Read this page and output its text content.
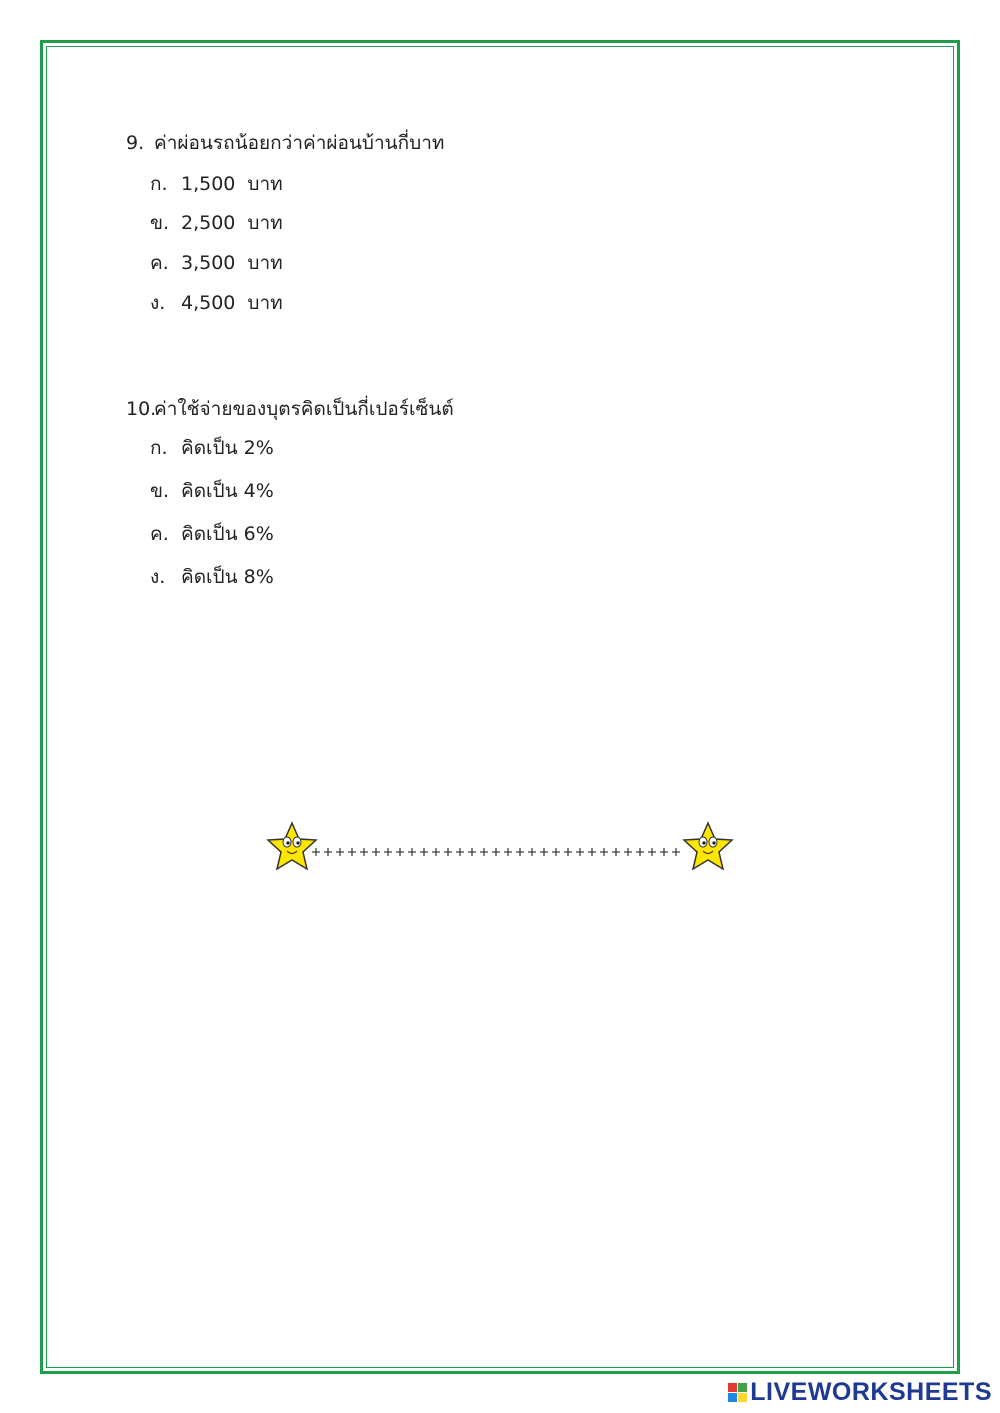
9. ค่าผ่อนรถน้อยกว่าค่าผ่อนบ้านกี่บาท
ก. 1,500 บาท
ข. 2,500 บาท
ค. 3,500 บาท
ง. 4,500 บาท
10.ค่าใช้จ่ายของบุตรคิดเป็นกี่เปอร์เซ็นต์
ก. คิดเป็น 2%
ข. คิดเป็น 4%
ค. คิดเป็น 6%
ง. คิดเป็น 8%
LIVEWORKSHEETS
